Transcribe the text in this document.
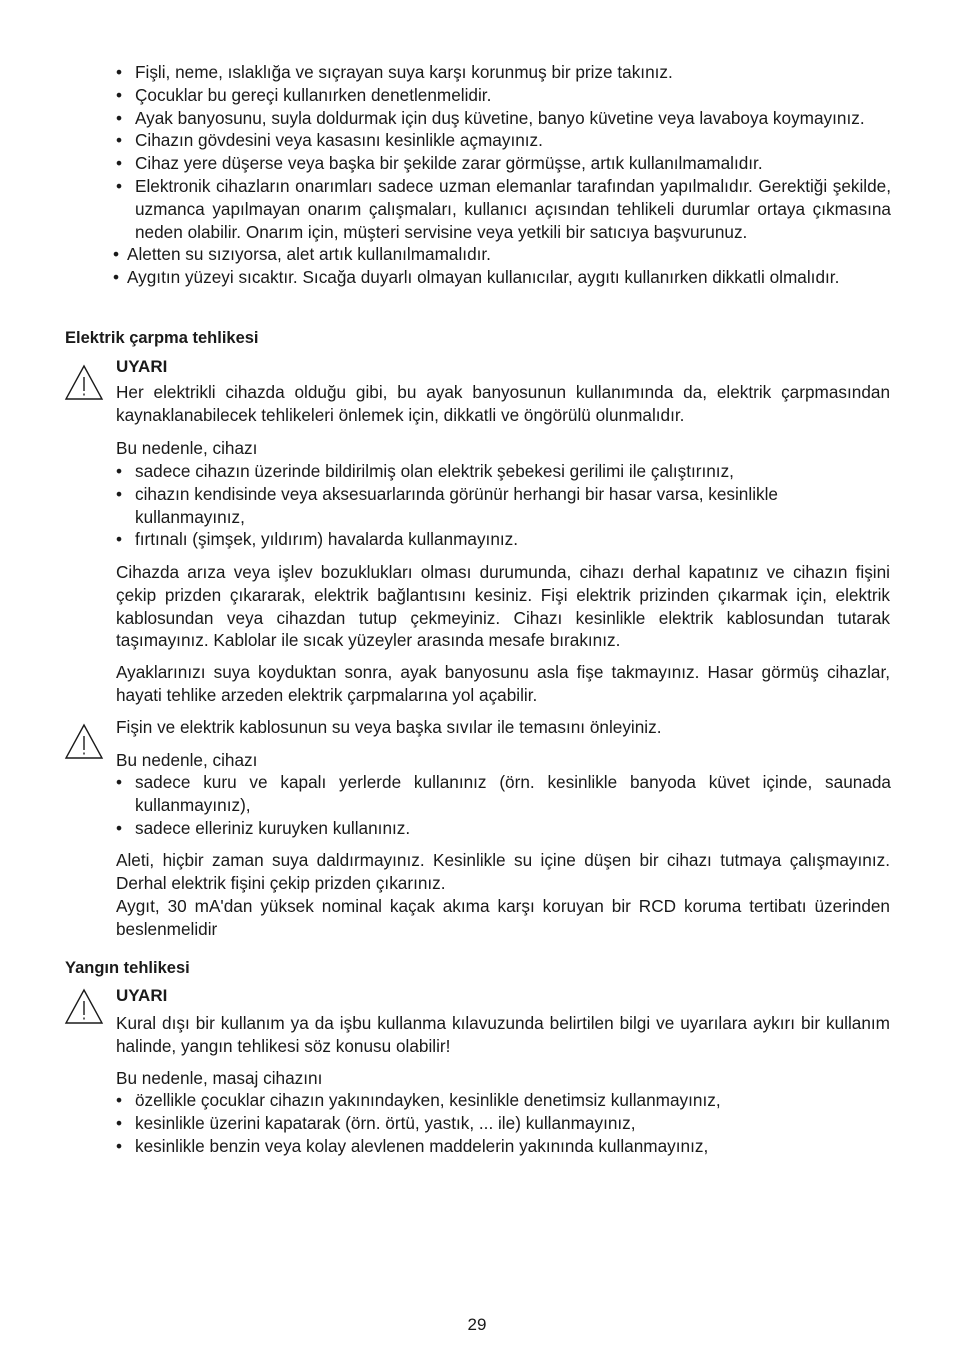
• Fişli, neme, ıslaklığa ve sıçrayan suya karşı korunmuş bir prize takınız.
• Çocuklar bu gereçi kullanırken denetlenmelidir.
• Ayak banyosunu, suyla doldurmak için duş küvetine, banyo küvetine veya lavaboya koymayınız.
• Cihazın gövdesini veya kasasını kesinlikle açmayınız.
• Cihaz yere düşerse veya başka bir şekilde zarar görmüşse, artık kullanılmamalıdır.
• Elektronik cihazların onarımları sadece uzman elemanlar tarafından yapılmalıdır. Gerektiği şekilde, uzmanca yapılmayan onarım çalışmaları, kullanıcı açısından tehlikeli durumlar ortaya çıkmasına neden olabilir. Onarım için, müşteri servisine veya yetkili bir satıcıya başvurunuz.
• Aletten su sızıyorsa, alet artık kullanılmamalıdır.
• Aygıtın yüzeyi sıcaktır. Sıcağa duyarlı olmayan kullanıcılar, aygıtı kullanırken dikkatli olmalıdır.
Elektrik çarpma tehlikesi
UYARI
Her elektrikli cihazda olduğu gibi, bu ayak banyosunun kullanımında da, elektrik çarpmasından kaynaklanabilecek tehlikeleri önlemek için, dikkatli ve öngörülü olunmalıdır.
Bu nedenle, cihazı
• sadece cihazın üzerinde bildirilmiş olan elektrik şebekesi gerilimi ile çalıştırınız,
• cihazın kendisinde veya aksesuarlarında görünür herhangi bir hasar varsa, kesinlikle kullanmayınız,
• fırtınalı (şimşek, yıldırım) havalarda kullanmayınız.
Cihazda arıza veya işlev bozuklukları olması durumunda, cihazı derhal kapatınız ve cihazın fişini çekip prizden çıkararak, elektrik bağlantısını kesiniz. Fişi elektrik prizinden çıkarmak için, elektrik kablosundan veya cihazdan tutup çekmeyiniz. Cihazı kesinlikle elektrik kablosundan tutarak taşımayınız. Kablolar ile sıcak yüzeyler arasında mesafe bırakınız.
Ayaklarınızı suya koyduktan sonra, ayak banyosunu asla fişe takmayınız. Hasar görmüş cihazlar, hayati tehlike arzeden elektrik çarpmalarına yol açabilir.
Fişin ve elektrik kablosunun su veya başka sıvılar ile temasını önleyiniz.
Bu nedenle, cihazı
• sadece kuru ve kapalı yerlerde kullanınız (örn. kesinlikle banyoda küvet içinde, saunada kullanmayınız),
• sadece elleriniz kuruyken kullanınız.
Aleti, hiçbir zaman suya daldırmayınız. Kesinlikle su içine düşen bir cihazı tutmaya çalışmayınız. Derhal elektrik fişini çekip prizden çıkarınız.
Aygıt, 30 mA'dan yüksek nominal kaçak akıma karşı koruyan bir RCD koruma tertibatı üzerinden beslenmelidir
Yangın tehlikesi
UYARI
Kural dışı bir kullanım ya da işbu kullanma kılavuzunda belirtilen bilgi ve uyarılara aykırı bir kullanım halinde, yangın tehlikesi söz konusu olabilir!
Bu nedenle, masaj cihazını
• özellikle çocuklar cihazın yakınındayken, kesinlikle denetimsiz kullanmayınız,
• kesinlikle üzerini kapatarak (örn. örtü, yastık, ... ile) kullanmayınız,
• kesinlikle benzin veya kolay alevlenen maddelerin yakınında kullanmayınız,
29
